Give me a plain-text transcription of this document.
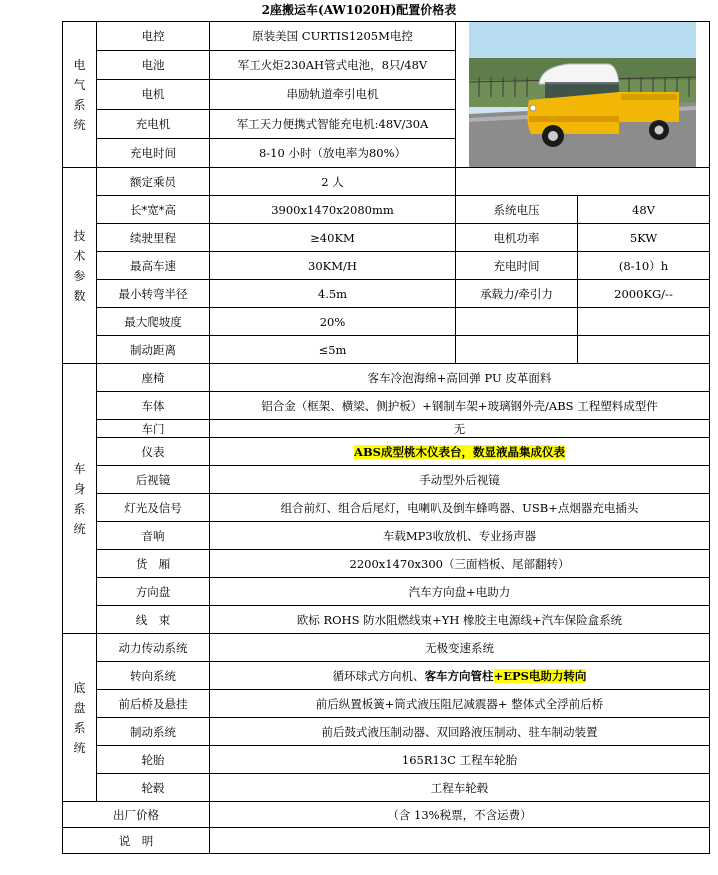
2座搬运车(AW1020H)配置价格表
电气系统	电控	原装美国 CURTIS1205M电控	

	电池	军工火炬230AH管式电池，8只/48V		
	电机	串励轨道牵引电机		
	充电机	军工天力便携式智能充电机:48V/30A		
	充电时间	8-10 小时（放电率为80%）		
技术参数	额定乘员	2 人		
	长*宽*高	3900x1470x2080mm	系统电压	48V
	续驶里程	≥40KM	电机功率	5KW
	最高车速	30KM/H	充电时间	(8-10）h
	最小转弯半径	4.5m	承载力/牵引力	2000KG/--
	最大爬坡度	20%		
	制动距离	≤5m		
车身系统	座椅	客车冷泡海绵+高回弹 PU 皮革面料		
	车体	铝合金（框架、横梁、侧护板）+钢制车架+玻璃钢外壳/ABS 工程塑料成型件		
	车门	无		
	仪表	ABS成型桃木仪表台，数显液晶集成仪表		
	后视镜	手动型外后视镜		
	灯光及信号	组合前灯、组合后尾灯，电喇叭及倒车蜂鸣器、USB+点烟器充电插头		
	音响	车载MP3收放机、专业扬声器		
	货　厢	2200x1470x300（三面档板、尾部翻转）		
	方向盘	汽车方向盘+电助力		
	线　束	欧标 ROHS 防水阻燃线束+YH 橡胶主电源线+汽车保险盒系统		
底盘系统	动力传动系统	无极变速系统		
	转向系统	循环球式方向机、客车方向管柱+EPS电助力转向		
	前后桥及悬挂	前后纵置板簧+筒式液压阻尼减震器+ 整体式全浮前后桥		
	制动系统	前后鼓式液压制动器、双回路液压制动、驻车制动装置		
	轮胎	165R13C 工程车轮胎		
	轮毂	工程车轮毂		
出厂价格		（含 13%税票，不含运费）		
说　明				
